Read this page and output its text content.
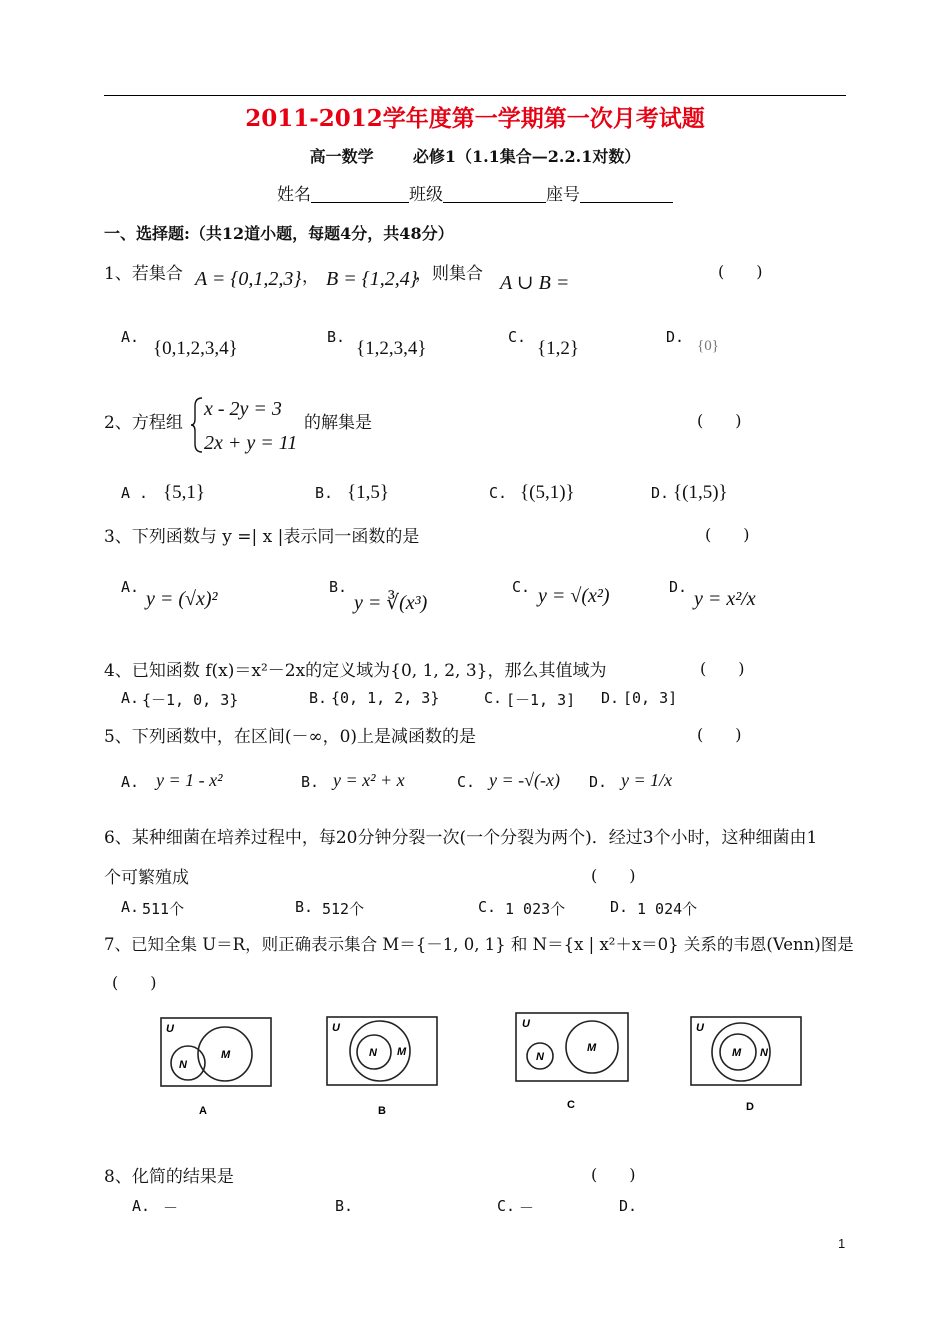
2011-2012学年度第一学期第一次月考试题
高一数学 必修1（1.1集合—2.2.1对数）
姓名	班级	座号
一、选择题:（共12道小题，每题4分，共48分）
1、若集合 A = {0,1,2,3} ， B = {1,2,4}
，则集合 A ∪ B =
(　　)
A.
{0,1,2,3,4}
B.
{1,2,3,4}
C.
{1,2}
D. {0}
2、方程组
x - 2y = 3
2x + y = 11
的解集是	(　　)
A . {5,1}	B. {1,5}	C. {(5,1)}	D. {(1,5)}
3、下列函数与 y =| x |表示同一函数的是	(　　)
A.
y = (√x)²
B.
y = ∛(x³)
C. y = √(x²)	D.
y = x²/x
4、已知函数 f(x)＝x²－2x的定义域为{0, 1, 2, 3}，那么其值域为	(　　)
A. {－1, 0, 3}	B. {0, 1, 2, 3}	C. [－1, 3] D. [0, 3]
5、下列函数中，在区间(－∞，0)上是减函数的是	(　　)
A. y = 1 - x²	B. y = x² + x	C. y = -√(-x) D. y = 1/x
6、某种细菌在培养过程中，每20分钟分裂一次(一个分裂为两个)．经过3个小时，这种细菌由1
个可繁殖成	(　　)
A. 511个	B. 512个	C. 1 023个	D. 1 024个
7、已知全集 U＝R，则正确表示集合 M＝{－1, 0, 1} 和 N＝{x | x²＋x＝0} 关系的韦恩(Venn)图是
(　　)
U
M
N
A
U
M
N
B
U
M
N
C
U
M N
D
8、化简的结果是	(　　)
A. －	B.	C. －	D.
1
